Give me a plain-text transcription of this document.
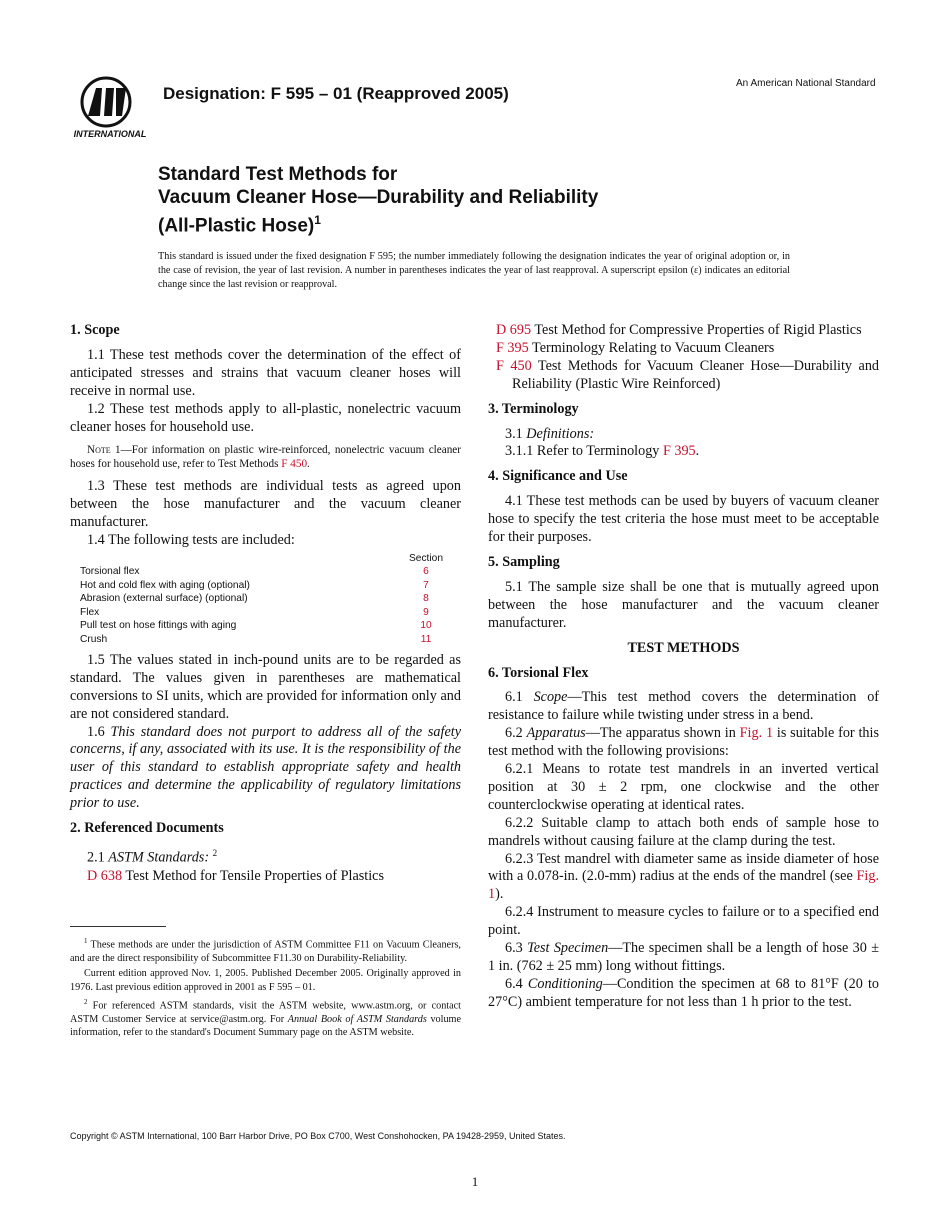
INTERNATIONAL
Designation: F 595 – 01 (Reapproved 2005)
An American National Standard
Standard Test Methods for
Vacuum Cleaner Hose—Durability and Reliability
(All-Plastic Hose)$^1$
This standard is issued under the fixed designation F 595; the number immediately following the designation indicates the year of original adoption or, in the case of revision, the year of last revision. A number in parentheses indicates the year of last reapproval. A superscript epsilon (ε) indicates an editorial change since the last revision or reapproval.

1. Scope

1.1 These test methods cover the determination of the effect of anticipated stresses and strains that vacuum cleaner hoses will receive in normal use.

1.2 These test methods apply to all-plastic, nonelectric vacuum cleaner hoses for household use.

Note 1—For information on plastic wire-reinforced, nonelectric vacuum cleaner hoses for household use, refer to Test Methods F 450.

1.3 These test methods are individual tests as agreed upon between the hose manufacturer and the vacuum cleaner manufacturer.

1.4 The following tests are included:

	Section
Torsional flex	6
Hot and cold flex with aging (optional)	7
Abrasion (external surface) (optional)	8
Flex	9
Pull test on hose fittings with aging	10
Crush	11

1.5 The values stated in inch-pound units are to be regarded as standard. The values given in parentheses are mathematical conversions to SI units, which are provided for information only and are not considered standard.

1.6 This standard does not purport to address all of the safety concerns, if any, associated with its use. It is the responsibility of the user of this standard to establish appropriate safety and health practices and determine the applicability of regulatory limitations prior to use.

2. Referenced Documents

2.1 ASTM Standards: $^2$

D 638 Test Method for Tensile Properties of Plastics

D 695 Test Method for Compressive Properties of Rigid Plastics

F 395 Terminology Relating to Vacuum Cleaners

F 450 Test Methods for Vacuum Cleaner Hose—Durability and Reliability (Plastic Wire Reinforced)

3. Terminology

3.1 Definitions:

3.1.1 Refer to Terminology F 395.

4. Significance and Use

4.1 These test methods can be used by buyers of vacuum cleaner hose to specify the test criteria the hose must meet to be acceptable for their purposes.

5. Sampling

5.1 The sample size shall be one that is mutually agreed upon between the hose manufacturer and the vacuum cleaner manufacturer.

TEST METHODS

6. Torsional Flex

6.1 Scope—This test method covers the determination of resistance to failure while twisting under stress in a bend.

6.2 Apparatus—The apparatus shown in Fig. 1 is suitable for this test method with the following provisions:

6.2.1 Means to rotate test mandrels in an inverted vertical position at 30 ± 2 rpm, one clockwise and the other counterclockwise operating at identical rates.

6.2.2 Suitable clamp to attach both ends of sample hose to mandrels without causing failure at the clamp during the test.

6.2.3 Test mandrel with diameter same as inside diameter of hose with a 0.078-in. (2.0-mm) radius at the ends of the mandrel (see Fig. 1).

6.2.4 Instrument to measure cycles to failure or to a specified end point.

6.3 Test Specimen—The specimen shall be a length of hose 30 ± 1 in. (762 ± 25 mm) long without fittings.

6.4 Conditioning—Condition the specimen at 68 to 81°F (20 to 27°C) ambient temperature for not less than 1 h prior to the test.

$^1$ These methods are under the jurisdiction of ASTM Committee F11 on Vacuum Cleaners, and are the direct responsibility of Subcommittee F11.30 on Durability-Reliability.

Current edition approved Nov. 1, 2005. Published December 2005. Originally approved in 1976. Last previous edition approved in 2001 as F 595 – 01.

$^2$ For referenced ASTM standards, visit the ASTM website, www.astm.org, or contact ASTM Customer Service at service@astm.org. For Annual Book of ASTM Standards volume information, refer to the standard's Document Summary page on the ASTM website.

Copyright © ASTM International, 100 Barr Harbor Drive, PO Box C700, West Conshohocken, PA 19428-2959, United States.
1
